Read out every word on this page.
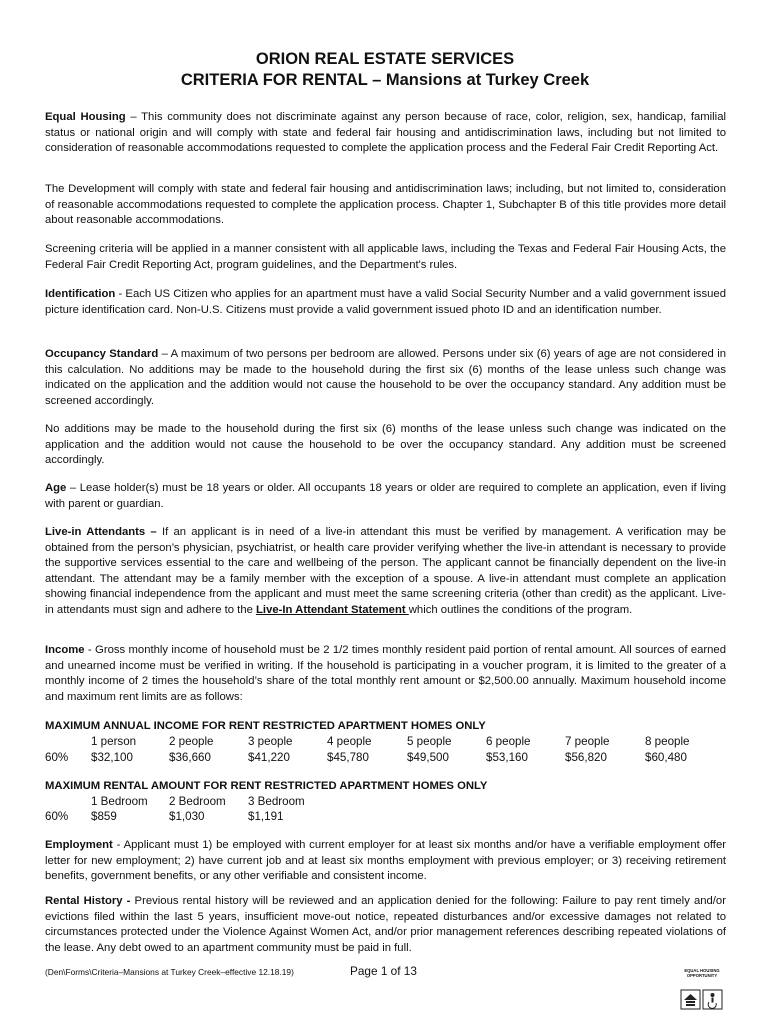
ORION REAL ESTATE SERVICES
CRITERIA FOR RENTAL – Mansions at Turkey Creek
Equal Housing – This community does not discriminate against any person because of race, color, religion, sex, handicap, familial status or national origin and will comply with state and federal fair housing and antidiscrimination laws, including but not limited to consideration of reasonable accommodations requested to complete the application process and the Federal Fair Credit Reporting Act.
The Development will comply with state and federal fair housing and antidiscrimination laws; including, but not limited to, consideration of reasonable accommodations requested to complete the application process. Chapter 1, Subchapter B of this title provides more detail about reasonable accommodations.
Screening criteria will be applied in a manner consistent with all applicable laws, including the Texas and Federal Fair Housing Acts, the Federal Fair Credit Reporting Act, program guidelines, and the Department's rules.
Identification - Each US Citizen who applies for an apartment must have a valid Social Security Number and a valid government issued picture identification card. Non-U.S. Citizens must provide a valid government issued photo ID and an identification number.
Occupancy Standard – A maximum of two persons per bedroom are allowed. Persons under six (6) years of age are not considered in this calculation. No additions may be made to the household during the first six (6) months of the lease unless such change was indicated on the application and the addition would not cause the household to be over the occupancy standard. Any addition must be screened accordingly.
No additions may be made to the household during the first six (6) months of the lease unless such change was indicated on the application and the addition would not cause the household to be over the occupancy standard. Any addition must be screened accordingly.
Age – Lease holder(s) must be 18 years or older. All occupants 18 years or older are required to complete an application, even if living with parent or guardian.
Live-in Attendants – If an applicant is in need of a live-in attendant this must be verified by management. A verification may be obtained from the person’s physician, psychiatrist, or health care provider verifying whether the live-in attendant is necessary to provide the supportive services essential to the care and wellbeing of the person. The applicant cannot be financially dependent on the live-in attendant. The attendant may be a family member with the exception of a spouse. A live-in attendant must complete an application showing financial independence from the applicant and must meet the same screening criteria (other than credit) as the applicant. Live-in attendants must sign and adhere to the Live-In Attendant Statement which outlines the conditions of the program.
Income - Gross monthly income of household must be 2 1/2 times monthly resident paid portion of rental amount. All sources of earned and unearned income must be verified in writing. If the household is participating in a voucher program, it is limited to the greater of a monthly income of 2 times the household’s share of the total monthly rent amount or $2,500.00 annually. Maximum household income and maximum rent limits are as follows:
MAXIMUM ANNUAL INCOME FOR RENT RESTRICTED APARTMENT HOMES ONLY
1 person	2 people	3 people	4 people	5 people	6 people	7 people	8 people
60% $32,100	$36,660	$41,220	$45,780	$49,500	$53,160	$56,820	$60,480
MAXIMUM RENTAL AMOUNT FOR RENT RESTRICTED APARTMENT HOMES ONLY
1 Bedroom 2 Bedroom 3 Bedroom
60% $859	$1,030	$1,191
Employment - Applicant must 1) be employed with current employer for at least six months and/or have a verifiable employment offer letter for new employment; 2) have current job and at least six months employment with previous employer; or 3) receiving retirement benefits, government benefits, or any other verifiable and consistent income.
Rental History - Previous rental history will be reviewed and an application denied for the following: Failure to pay rent timely and/or evictions filed within the last 5 years, insufficient move-out notice, repeated disturbances and/or excessive damages not related to circumstances protected under the Violence Against Women Act, and/or prior management references describing repeated violations of the lease. Any debt owed to an apartment community must be paid in full.
(Den\Forms\Criteria–Mansions at Turkey Creek–effective 12.18.19)	Page 1 of 13	EQUAL HOUSING OPPORTUNITY
